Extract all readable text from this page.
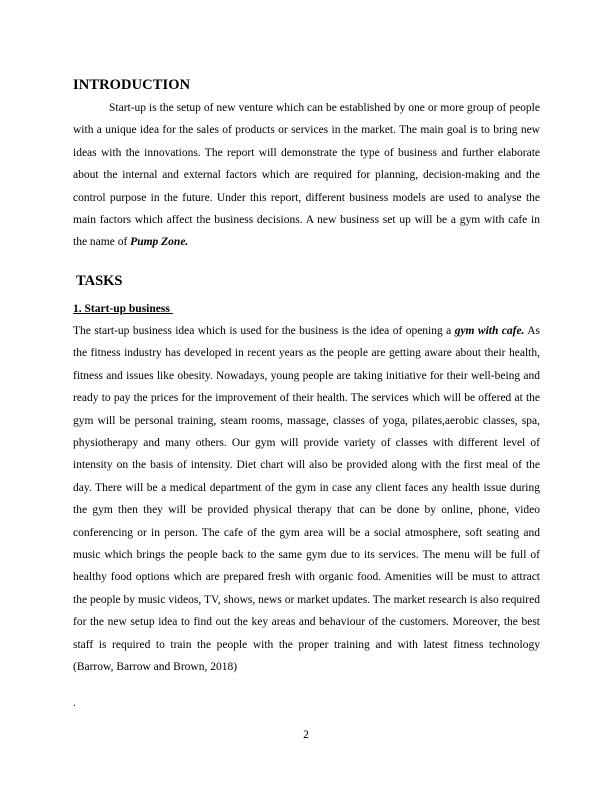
INTRODUCTION

Start-up is the setup of new venture which can be established by one or more group of people with a unique idea for the sales of products or services in the market. The main goal is to bring new ideas with the innovations. The report will demonstrate the type of business and further elaborate about the internal and external factors which are required for planning, decision-making and the control purpose in the future. Under this report, different business models are used to analyse the main factors which affect the business decisions. A new business set up will be a gym with cafe in the name of Pump Zone.

TASKS
1. Start-up business

The start-up business idea which is used for the business is the idea of opening a gym with cafe. As the fitness industry has developed in recent years as the people are getting aware about their health, fitness and issues like obesity. Nowadays, young people are taking initiative for their well-being and ready to pay the prices for the improvement of their health. The services which will be offered at the gym will be personal training, steam rooms, massage, classes of yoga, pilates,aerobic classes, spa, physiotherapy and many others. Our gym will provide variety of classes with different level of intensity on the basis of intensity. Diet chart will also be provided along with the first meal of the day. There will be a medical department of the gym in case any client faces any health issue during the gym then they will be provided physical therapy that can be done by online, phone, video conferencing or in person. The cafe of the gym area will be a social atmosphere, soft seating and music which brings the people back to the same gym due to its services. The menu will be full of healthy food options which are prepared fresh with organic food. Amenities will be must to attract the people by music videos, TV, shows, news or market updates. The market research is also required for the new setup idea to find out the key areas and behaviour of the customers. Moreover, the best staff is required to train the people with the proper training and with latest fitness technology (Barrow, Barrow and Brown, 2018)

.
2
